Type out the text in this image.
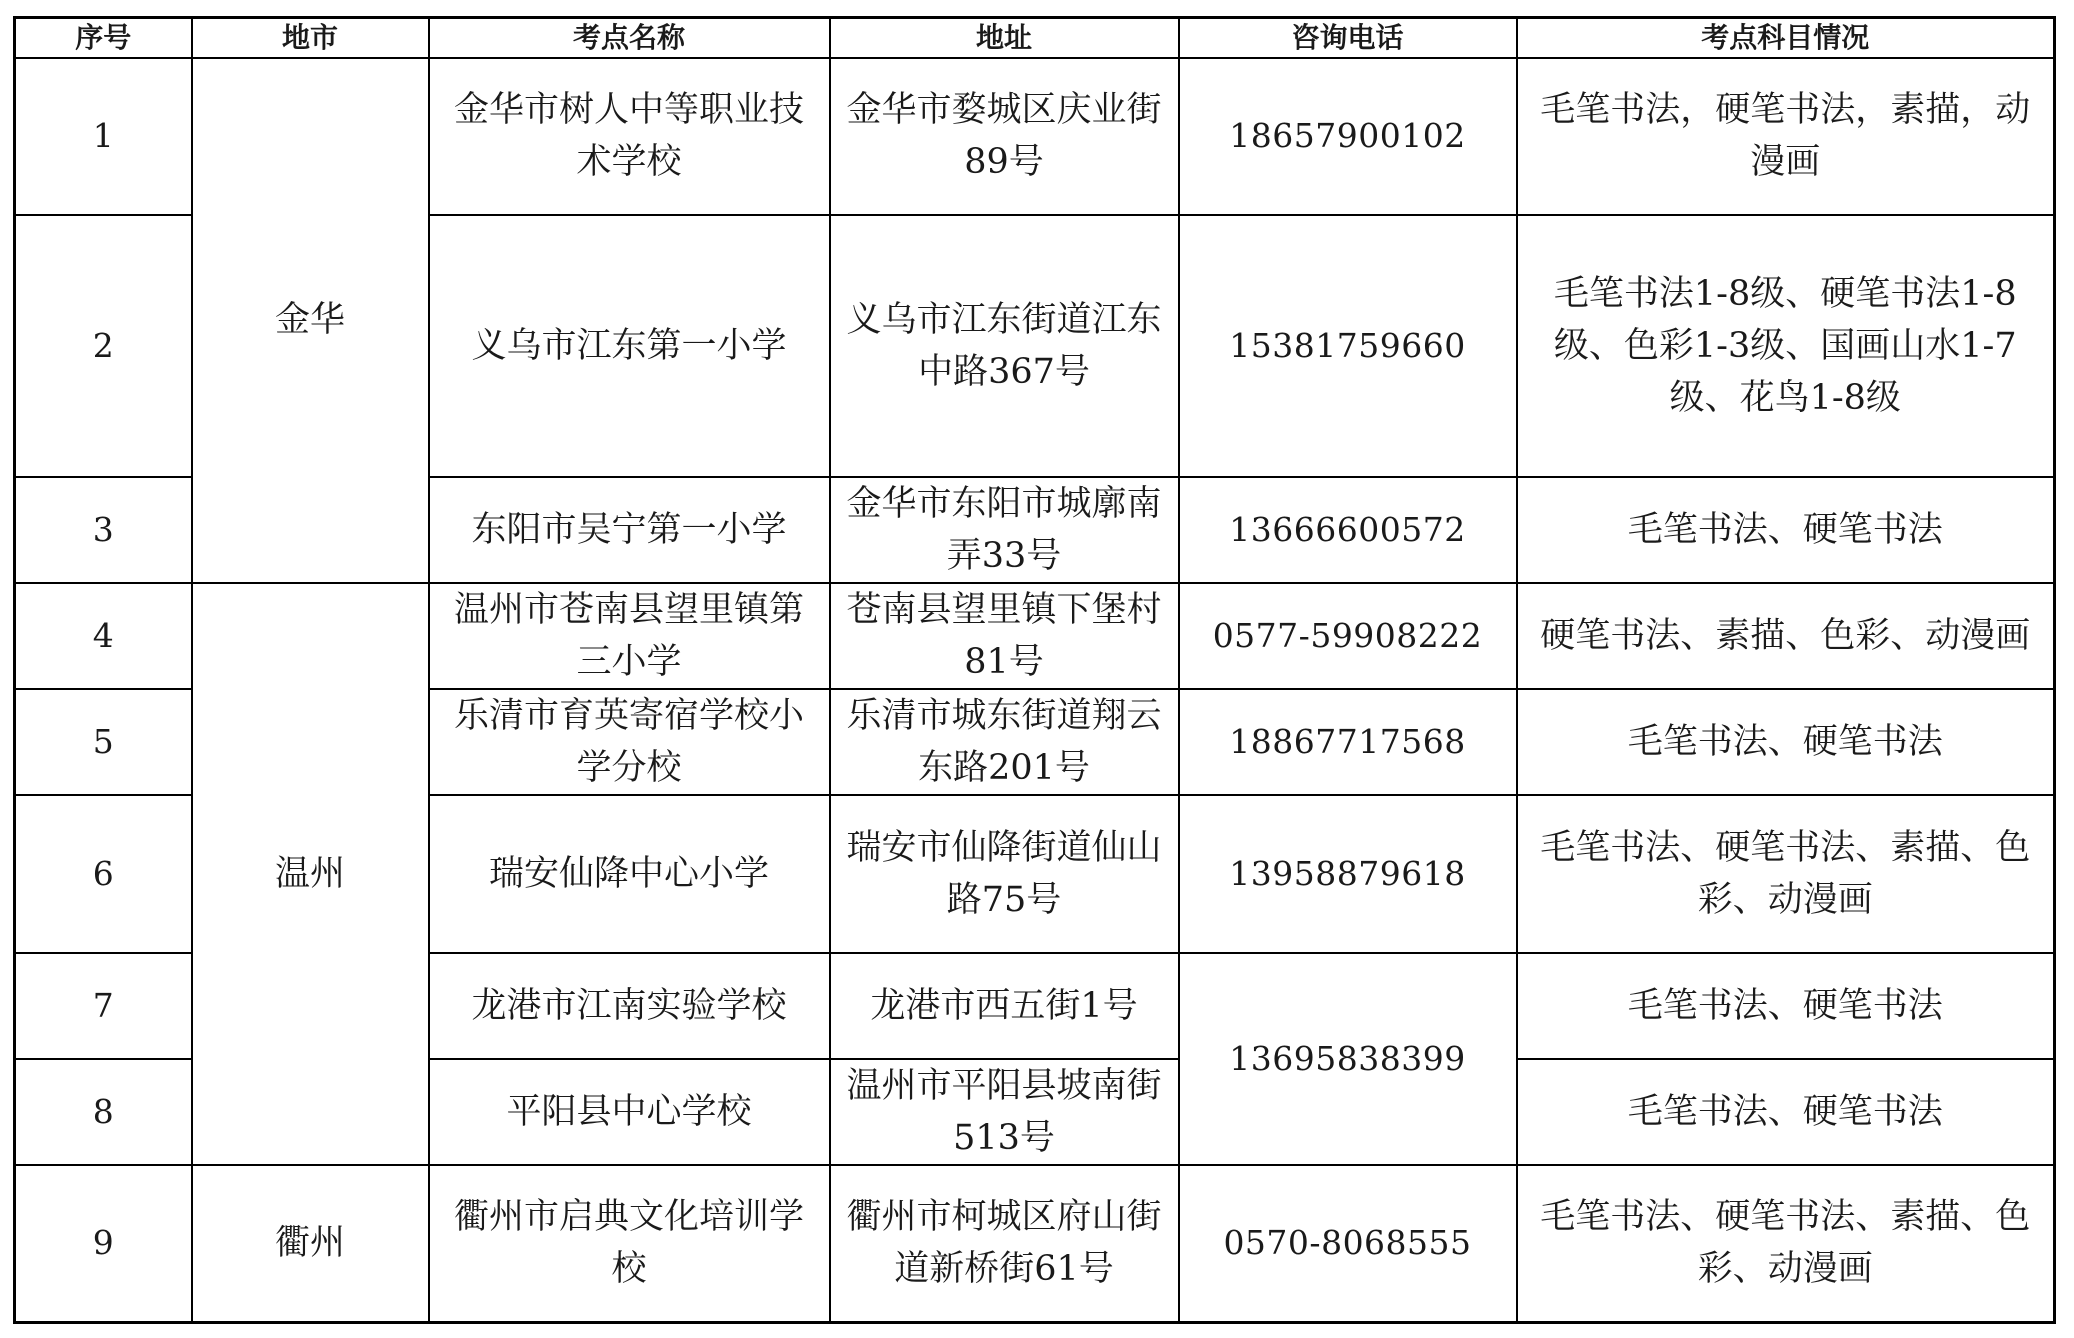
序号	地市	考点名称	地址	咨询电话	考点科目情况
1	金华	金华市树人中等职业技术学校	金华市婺城区庆业街89号	18657900102	毛笔书法，硬笔书法，素描，动漫画
2		义乌市江东第一小学	义乌市江东街道江东中路367号	15381759660	毛笔书法1-8级、硬笔书法1-8级、色彩1-3级、国画山水1-7级、花鸟1-8级
3		东阳市吴宁第一小学	金华市东阳市城廓南弄33号	13666600572	毛笔书法、硬笔书法
4	温州	温州市苍南县望里镇第三小学	苍南县望里镇下堡村81号	0577-59908222	硬笔书法、素描、色彩、动漫画
5		乐清市育英寄宿学校小学分校	乐清市城东街道翔云东路201号	18867717568	毛笔书法、硬笔书法
6		瑞安仙降中心小学	瑞安市仙降街道仙山路75号	13958879618	毛笔书法、硬笔书法、素描、色彩、动漫画
7		龙港市江南实验学校	龙港市西五街1号	13695838399	毛笔书法、硬笔书法
8		平阳县中心学校	温州市平阳县坡南街513号		毛笔书法、硬笔书法
9	衢州	衢州市启典文化培训学校	衢州市柯城区府山街道新桥街61号	0570-8068555	毛笔书法、硬笔书法、素描、色彩、动漫画
